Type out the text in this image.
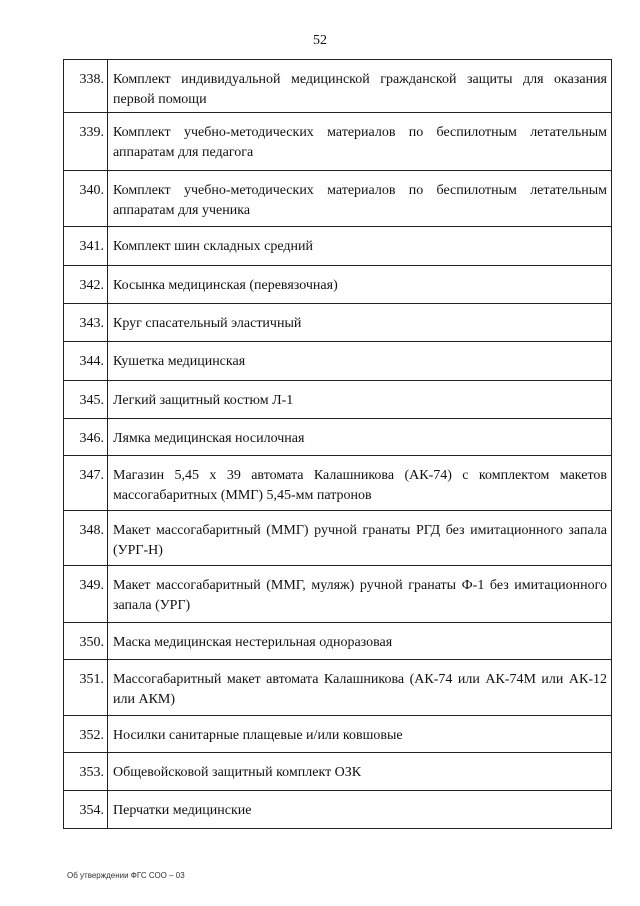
52
338.	Комплект индивидуальной медицинской гражданской защиты для оказания первой помощи
339.	Комплект учебно-методических материалов по беспилотным летательным аппаратам для педагога
340.	Комплект учебно-методических материалов по беспилотным летательным аппаратам для ученика
341.	Комплект шин складных средний
342.	Косынка медицинская (перевязочная)
343.	Круг спасательный эластичный
344.	Кушетка медицинская
345.	Легкий защитный костюм Л-1
346.	Лямка медицинская носилочная
347.	Магазин 5,45 х 39 автомата Калашникова (АК-74) с комплектом макетов массогабаритных (ММГ) 5,45-мм патронов
348.	Макет массогабаритный (ММГ) ручной гранаты РГД без имитационного запала (УРГ-Н)
349.	Макет массогабаритный (ММГ, муляж) ручной гранаты Ф-1 без имитационного запала (УРГ)
350.	Маска медицинская нестерильная одноразовая
351.	Массогабаритный макет автомата Калашникова (АК-74 или АК-74М или АК-12 или АКМ)
352.	Носилки санитарные плащевые и/или ковшовые
353.	Общевойсковой защитный комплект ОЗК
354.	Перчатки медицинские
Об утверждении ФГС СОО – 03
